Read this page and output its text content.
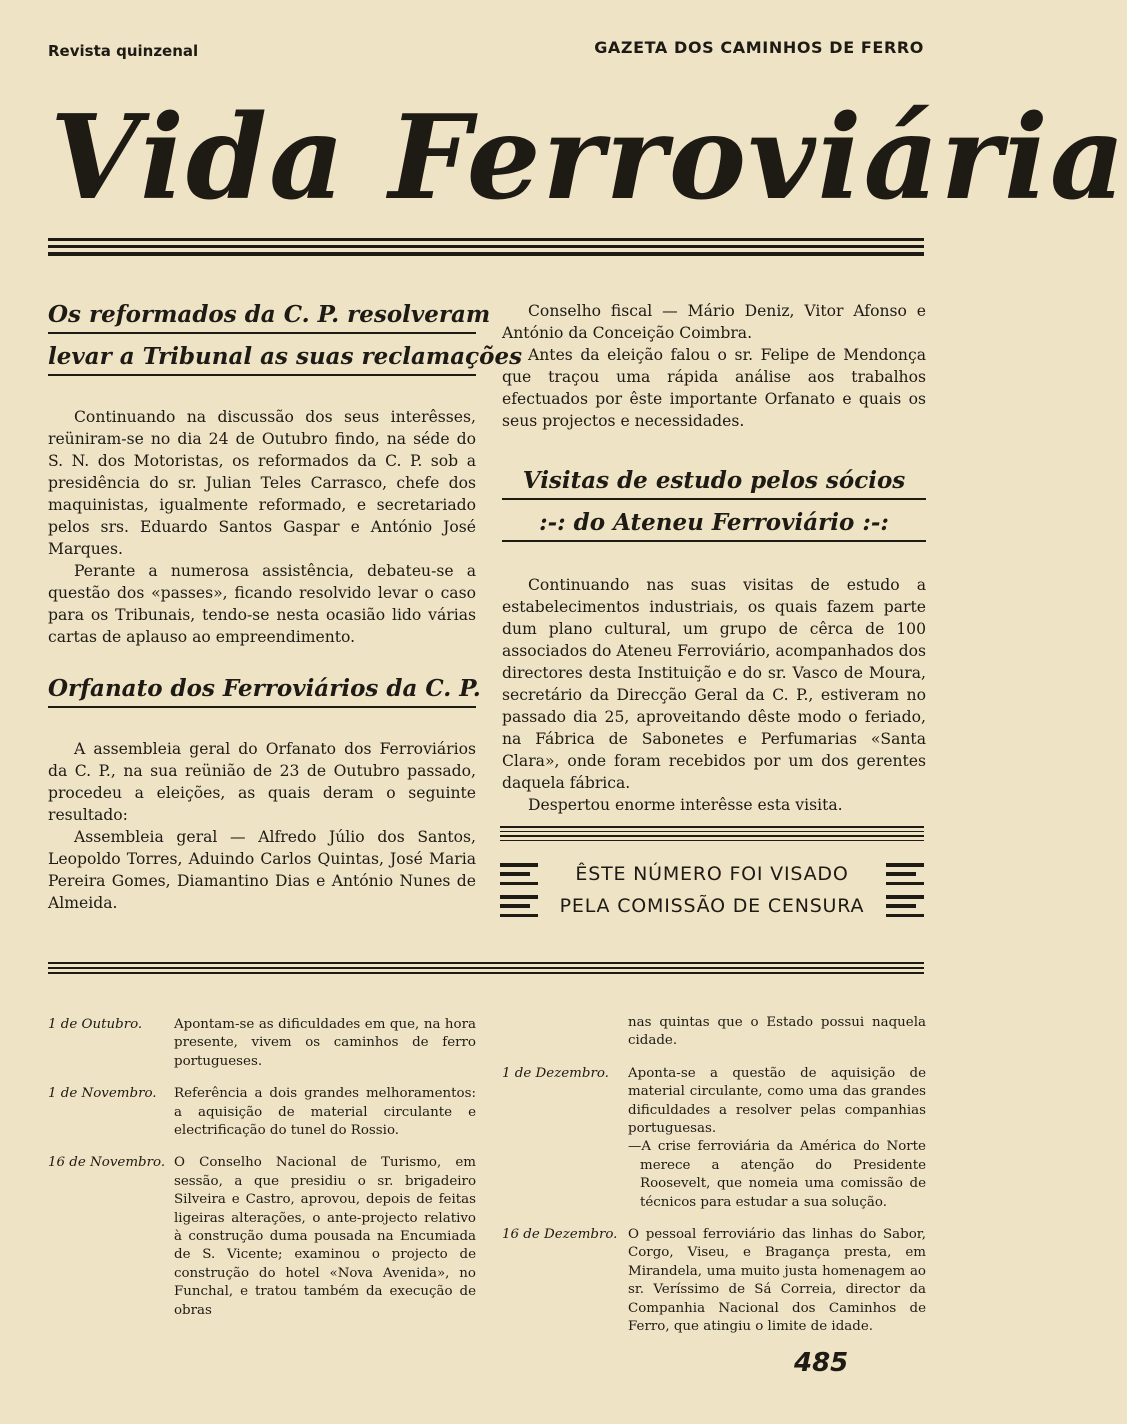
Revista quinzenal	GAZETA DOS CAMINHOS DE FERRO
Vida Ferroviária
Os reformados da C. P. resolveram
levar a Tribunal as suas reclamações

Continuando na discussão dos seus interêsses, reüniram-se no dia 24 de Outubro findo, na séde do S. N. dos Motoristas, os reformados da C. P. sob a presidência do sr. Julian Teles Carrasco, chefe dos maquinistas, igualmente reformado, e secretariado pelos srs. Eduardo Santos Gaspar e António José Marques.

Perante a numerosa assistência, debateu-se a questão dos «passes», ficando resolvido levar o caso para os Tribunais, tendo-se nesta ocasião lido várias cartas de aplauso ao empreendimento.

Orfanato dos Ferroviários da C. P.

A assembleia geral do Orfanato dos Ferroviários da C. P., na sua reünião de 23 de Outubro passado, procedeu a eleições, as quais deram o seguinte resultado:

Assembleia geral — Alfredo Júlio dos Santos, Leopoldo Torres, Aduindo Carlos Quintas, José Maria Pereira Gomes, Diamantino Dias e António Nunes de Almeida.

Conselho fiscal — Mário Deniz, Vitor Afonso e António da Conceição Coimbra.

Antes da eleição falou o sr. Felipe de Mendonça que traçou uma rápida análise aos trabalhos efectuados por êste importante Orfanato e quais os seus projectos e necessidades.

Visitas de estudo pelos sócios
:-: do Ateneu Ferroviário :-:

Continuando nas suas visitas de estudo a estabelecimentos industriais, os quais fazem parte dum plano cultural, um grupo de cêrca de 100 associados do Ateneu Ferroviário, acompanhados dos directores desta Instituição e do sr. Vasco de Moura, secretário da Direcção Geral da C. P., estiveram no passado dia 25, aproveitando dêste modo o feriado, na Fábrica de Sabonetes e Perfumarias «Santa Clara», onde foram recebidos por um dos gerentes daquela fábrica.

Despertou enorme interêsse esta visita.

ÊSTE NÚMERO FOI VISADO
PELA COMISSÃO DE CENSURA
1 de Outubro.	Apontam-se as dificuldades em que, na hora presente, vivem os caminhos de ferro portugueses.
1 de Novembro.	Referência a dois grandes melhoramentos: a aquisição de material circulante e electrificação do tunel do Rossio.
16 de Novembro. O Conselho Nacional de Turismo, em sessão, a que presidiu o sr. brigadeiro Silveira e Castro, aprovou, depois de feitas ligeiras alterações, o ante-projecto relativo à construção duma pousada na Encumiada de S. Vicente; examinou o projecto de construção do hotel «Nova Avenida», no Funchal, e tratou também da execução de obras
nas quintas que o Estado possui naquela cidade.
1 de Dezembro.	Aponta-se a questão de aquisição de material circulante, como uma das grandes dificuldades a resolver pelas companhias portuguesas.

—A crise ferroviária da América do Norte merece a atenção do Presidente Roosevelt, que nomeia uma comissão de técnicos para estudar a sua solução.

16 de Dezembro. O pessoal ferroviário das linhas do Sabor, Corgo, Viseu, e Bragança presta, em Mirandela, uma muito justa homenagem ao sr. Veríssimo de Sá Correia, director da Companhia Nacional dos Caminhos de Ferro, que atingiu o limite de idade.
485
